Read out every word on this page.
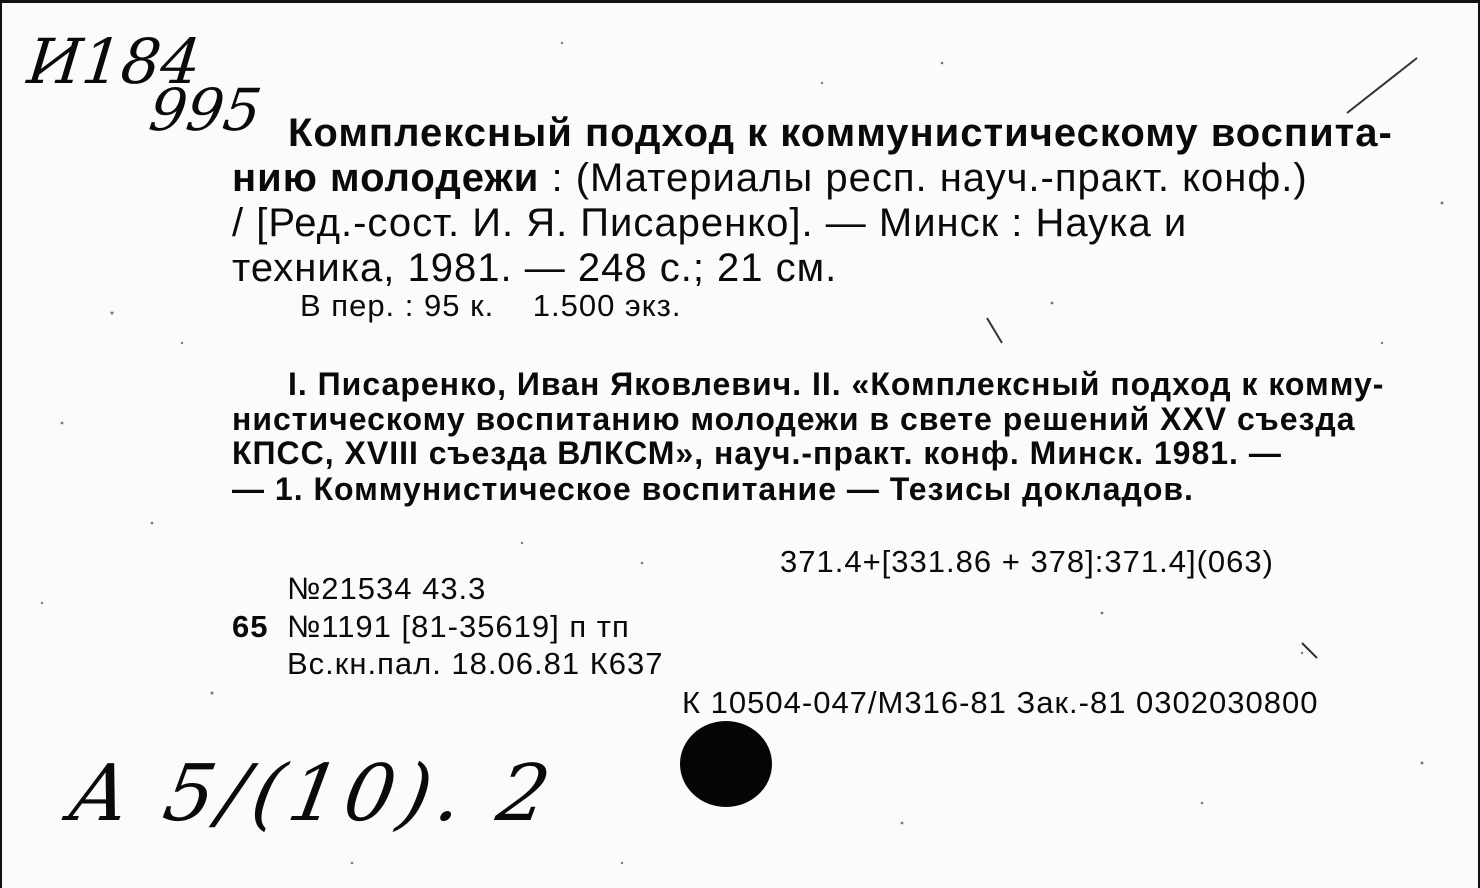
И184
995 Комплексный подход к коммунистическому воспита-
нию молодежи : (Материалы респ. науч.-практ. конф.)
/ [Ред.-сост. И. Я. Писаренко]. — Минск : Наука и
техника, 1981. — 248 с.; 21 см.
В пер. : 95 к.    1.500 экз.
I. Писаренко, Иван Яковлевич. II. «Комплексный подход к комму-
нистическому воспитанию молодежи в свете решений XXV съезда
КПСС, XVIII съезда ВЛКСМ», науч.-практ. конф. Минск. 1981. —
— 1. Коммунистическое воспитание — Тезисы докладов.
371.4+[331.86 + 378]:371.4](063)
№21534 43.3
65 №1191 [81-35619] п тп
Вс.кн.пал. 18.06.81 К637
К 10504-047/М316-81 Зак.-81 0302030800
A 5/(10). 2
